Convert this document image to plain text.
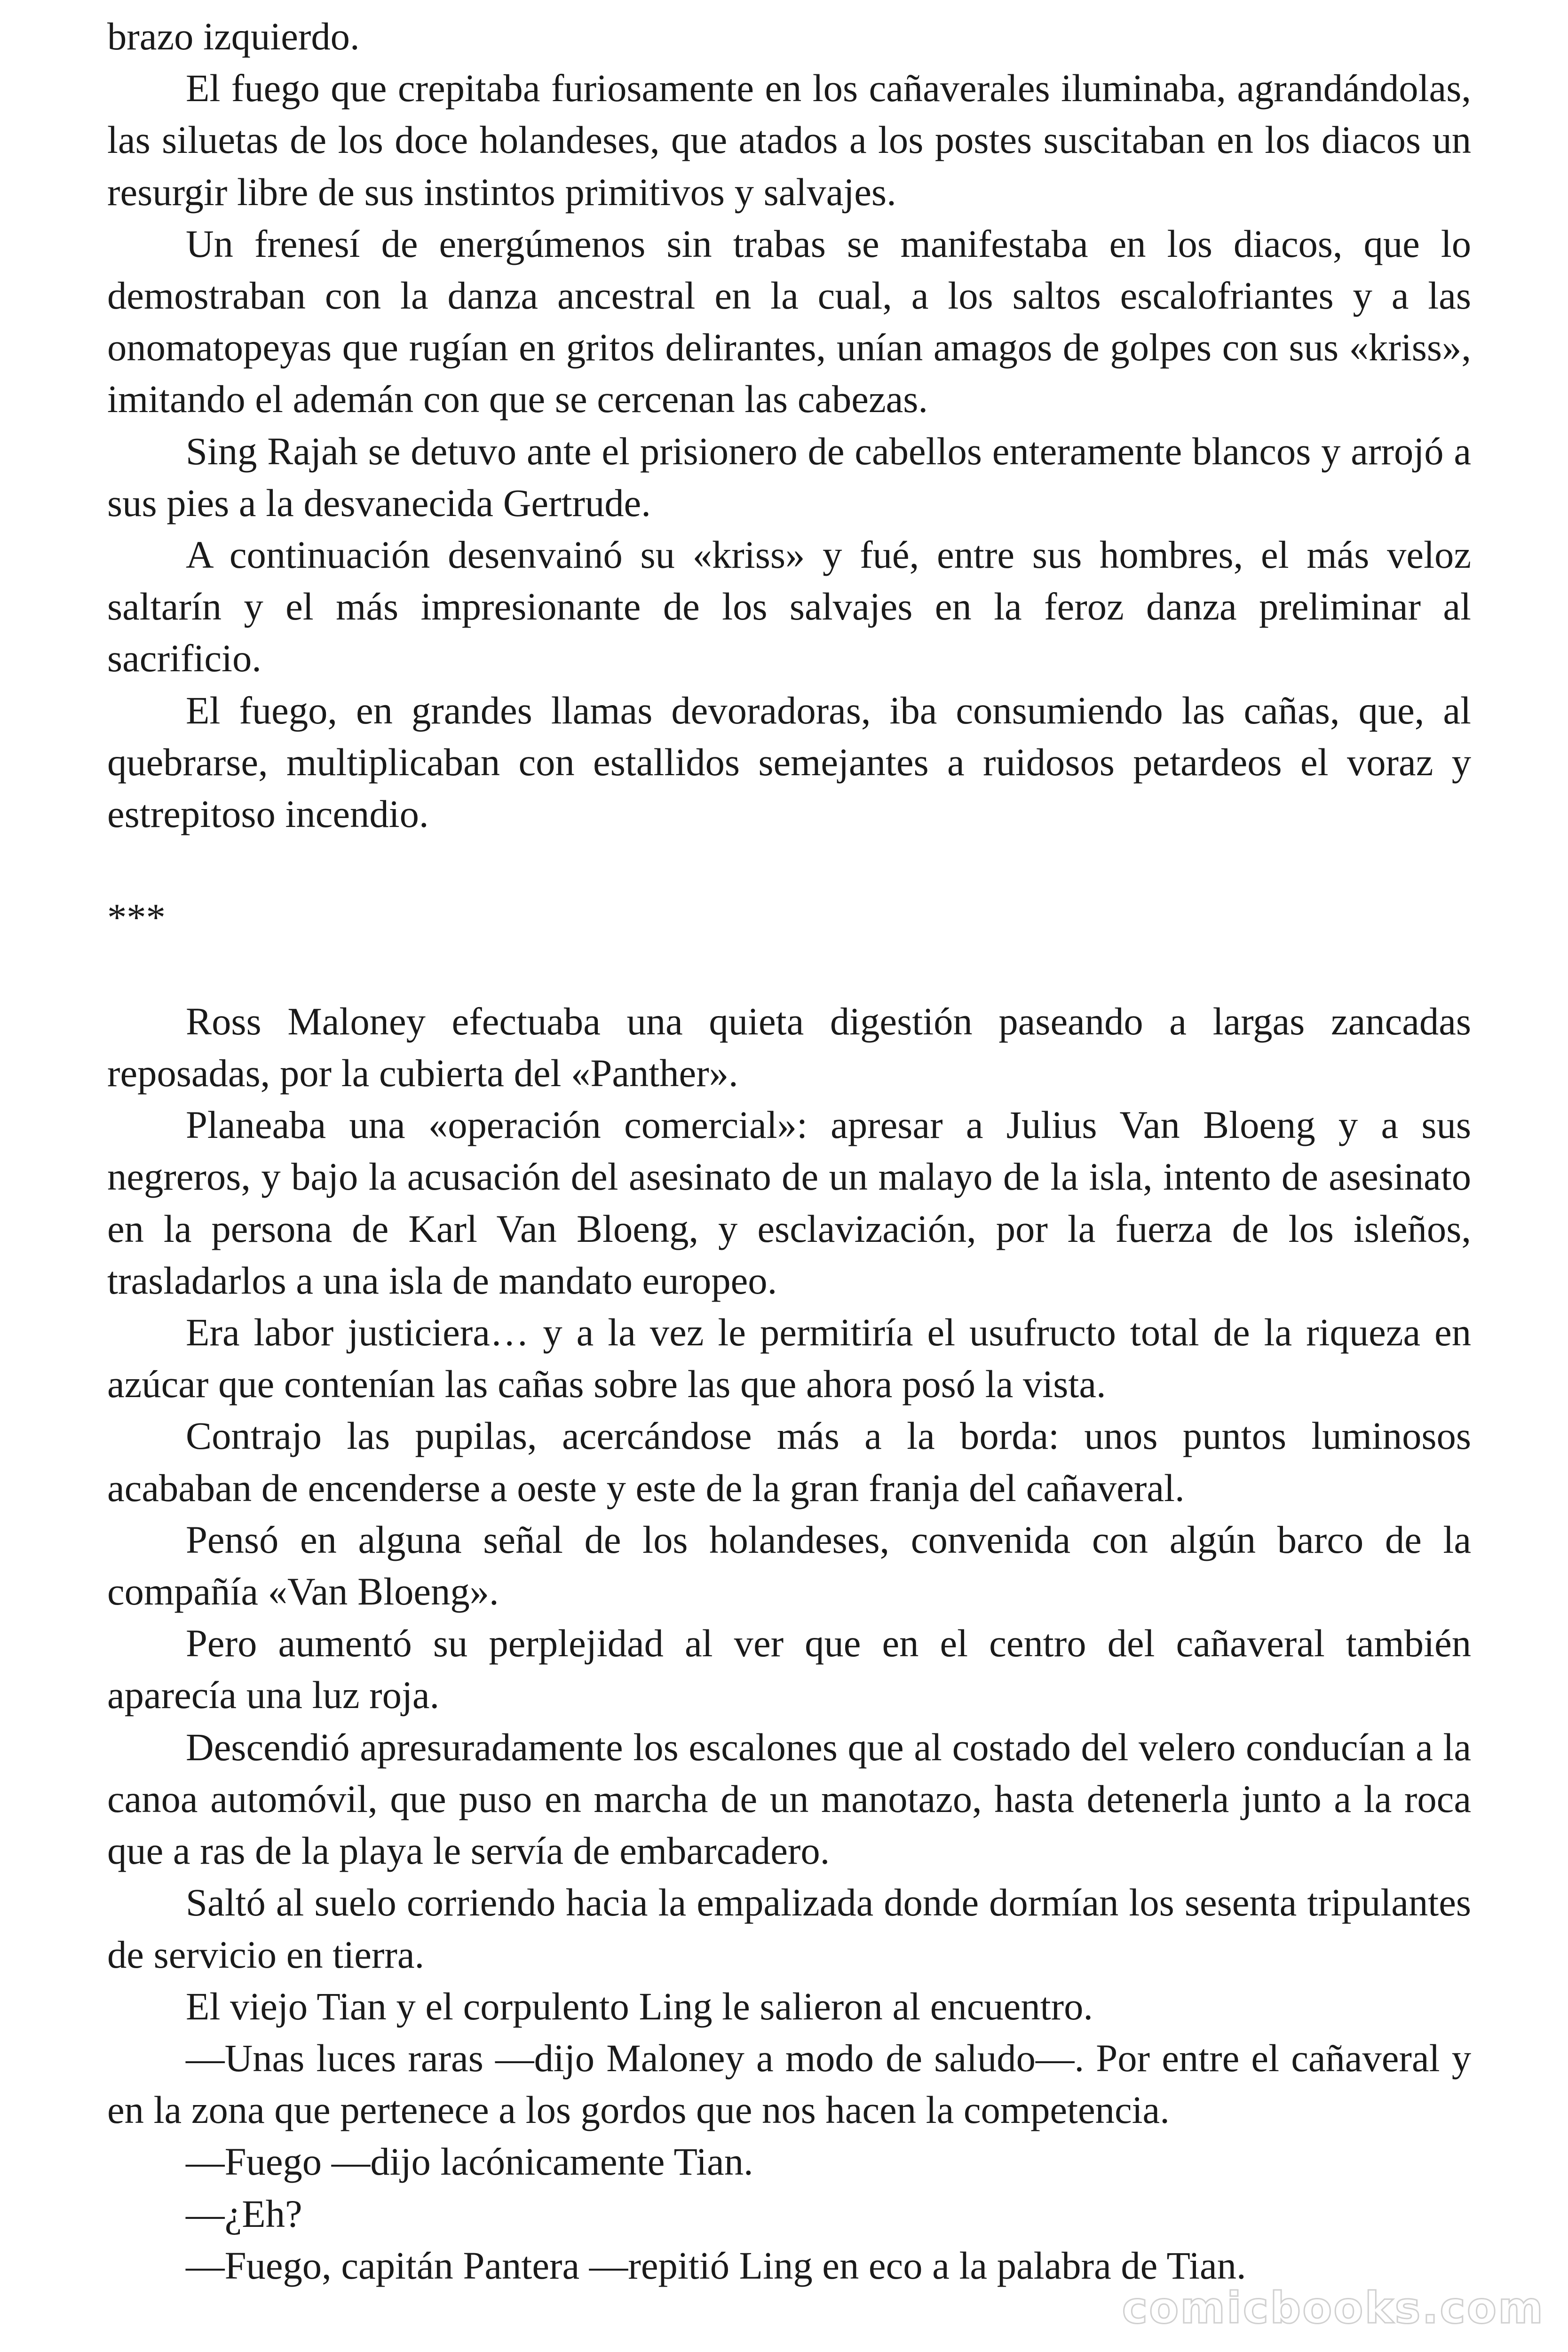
brazo izquierdo.

El fuego que crepitaba furiosamente en los cañaverales iluminaba, agrandándolas, las siluetas de los doce holandeses, que atados a los postes suscitaban en los diacos un resurgir libre de sus instintos primitivos y salvajes.

Un frenesí de energúmenos sin trabas se manifestaba en los diacos, que lo demostraban con la danza ancestral en la cual, a los saltos escalofriantes y a las onomatopeyas que rugían en gritos delirantes, unían amagos de golpes con sus «kriss», imitando el ademán con que se cercenan las cabezas.

Sing Rajah se detuvo ante el prisionero de cabellos enteramente blancos y arrojó a sus pies a la desvanecida Gertrude.

A continuación desenvainó su «kriss» y fué, entre sus hombres, el más veloz saltarín y el más impresionante de los salvajes en la feroz danza preliminar al sacrificio.

El fuego, en grandes llamas devoradoras, iba consumiendo las cañas, que, al quebrarse, multiplicaban con estallidos semejantes a ruidosos petardeos el voraz y estrepitoso incendio.

***

Ross Maloney efectuaba una quieta digestión paseando a largas zancadas reposadas, por la cubierta del «Panther».

Planeaba una «operación comercial»: apresar a Julius Van Bloeng y a sus negreros, y bajo la acusación del asesinato de un malayo de la isla, intento de asesinato en la persona de Karl Van Bloeng, y esclavización, por la fuerza de los isleños, trasladarlos a una isla de mandato europeo.

Era labor justiciera… y a la vez le permitiría el usufructo total de la riqueza en azúcar que contenían las cañas sobre las que ahora posó la vista.

Contrajo las pupilas, acercándose más a la borda: unos puntos luminosos acababan de encenderse a oeste y este de la gran franja del cañaveral.

Pensó en alguna señal de los holandeses, convenida con algún barco de la compañía «Van Bloeng».

Pero aumentó su perplejidad al ver que en el centro del cañaveral también aparecía una luz roja.

Descendió apresuradamente los escalones que al costado del velero conducían a la canoa automóvil, que puso en marcha de un manotazo, hasta detenerla junto a la roca que a ras de la playa le servía de embarcadero.

Saltó al suelo corriendo hacia la empalizada donde dormían los sesenta tripulantes de servicio en tierra.

El viejo Tian y el corpulento Ling le salieron al encuentro.

—Unas luces raras —dijo Maloney a modo de saludo—. Por entre el cañaveral y en la zona que pertenece a los gordos que nos hacen la competencia.

—Fuego —dijo lacónicamente Tian.

—¿Eh?

—Fuego, capitán Pantera —repitió Ling en eco a la palabra de Tian.

comicbooks.com
